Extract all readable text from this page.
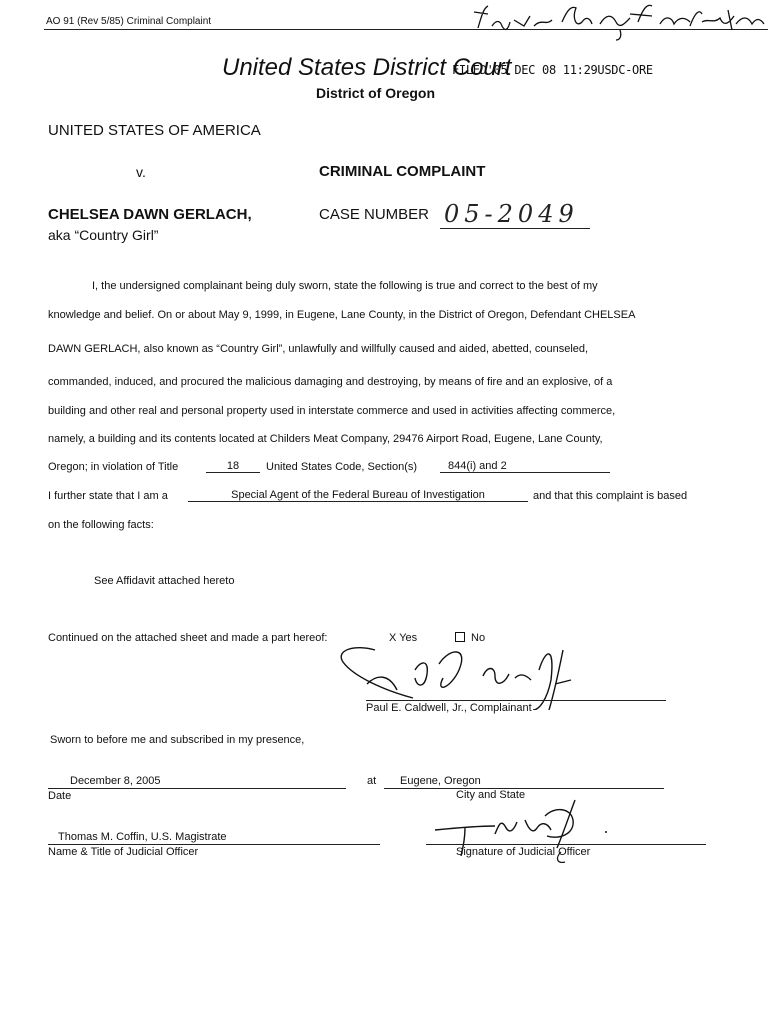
AO 91 (Rev 5/85) Criminal Complaint
United States District Court
FILED'05 DEC 08 11:29USDC-ORE
District of Oregon
UNITED STATES OF AMERICA
v.	CRIMINAL COMPLAINT
CHELSEA DAWN GERLACH,
aka “Country Girl”
CASE NUMBER 05-2049
I, the undersigned complainant being duly sworn, state the following is true and correct to the best of my
knowledge and belief. On or about May 9, 1999, in Eugene, Lane County, in the District of Oregon, Defendant CHELSEA
DAWN GERLACH, also known as “Country Girl”, unlawfully and willfully caused and aided, abetted, counseled,
commanded, induced, and procured the malicious damaging and destroying, by means of fire and an explosive, of a
building and other real and personal property used in interstate commerce and used in activities affecting commerce,
namely, a building and its contents located at Childers Meat Company, 29476 Airport Road, Eugene, Lane County,
Oregon; in violation of Title	18	United States Code, Section(s)	844(i) and 2
I further state that I am a	Special Agent of the Federal Bureau of Investigation	and that this complaint is based
on the following facts:
See Affidavit attached hereto
Continued on the attached sheet and made a part hereof:	X Yes	No
Paul E. Caldwell, Jr., Complainant
Sworn to before me and subscribed in my presence,
December 8, 2005
Date
at Eugene, Oregon
City and State
Thomas M. Coffin, U.S. Magistrate
Name & Title of Judicial Officer	Signature of Judicial Officer
